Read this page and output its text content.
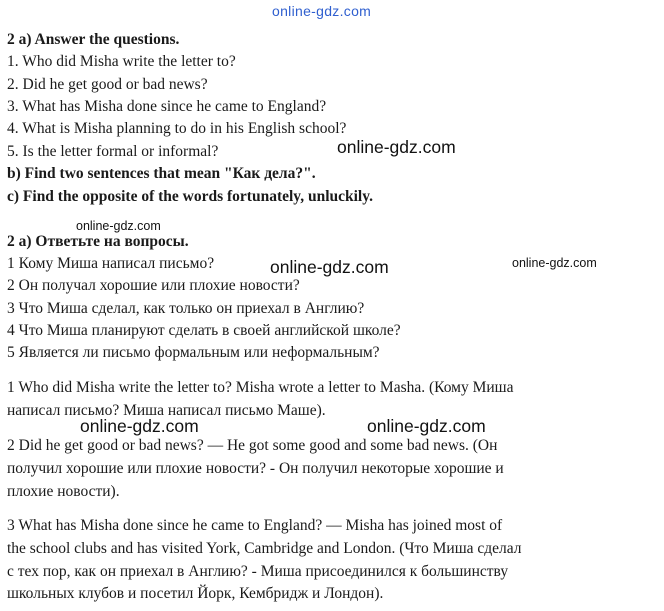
online-gdz.com
2 a) Answer the questions.
1. Who did Misha write the letter to?
2. Did he get good or bad news?
3. What has Misha done since he came to England?
4. What is Misha planning to do in his English school?
5. Is the letter formal or informal?
b) Find two sentences that mean "Как дела?".
c) Find the opposite of the words fortunately, unluckily.
online-gdz.com
online-gdz.com
2 а) Ответьте на вопросы.
1 Кому Миша написал письмо?
2 Он получал хорошие или плохие новости?
3 Что Миша сделал, как только он приехал в Англию?
4 Что Миша планируют сделать в своей английской школе?
5 Является ли письмо формальным или неформальным?
online-gdz.com	online-gdz.com
1 Who did Misha write the letter to? Misha wrote a letter to Masha. (Кому Миша
написал письмо? Миша написал письмо Маше).
online-gdz.com	online-gdz.com
2 Did he get good or bad news? — He got some good and some bad news. (Он
получил хорошие или плохие новости? - Он получил некоторые хорошие и
плохие новости).
3 What has Misha done since he came to England? — Misha has joined most of
the school clubs and has visited York, Cambridge and London. (Что Миша сделал
с тех пор, как он приехал в Англию? - Миша присоединился к большинству
школьных клубов и посетил Йорк, Кембридж и Лондон).
